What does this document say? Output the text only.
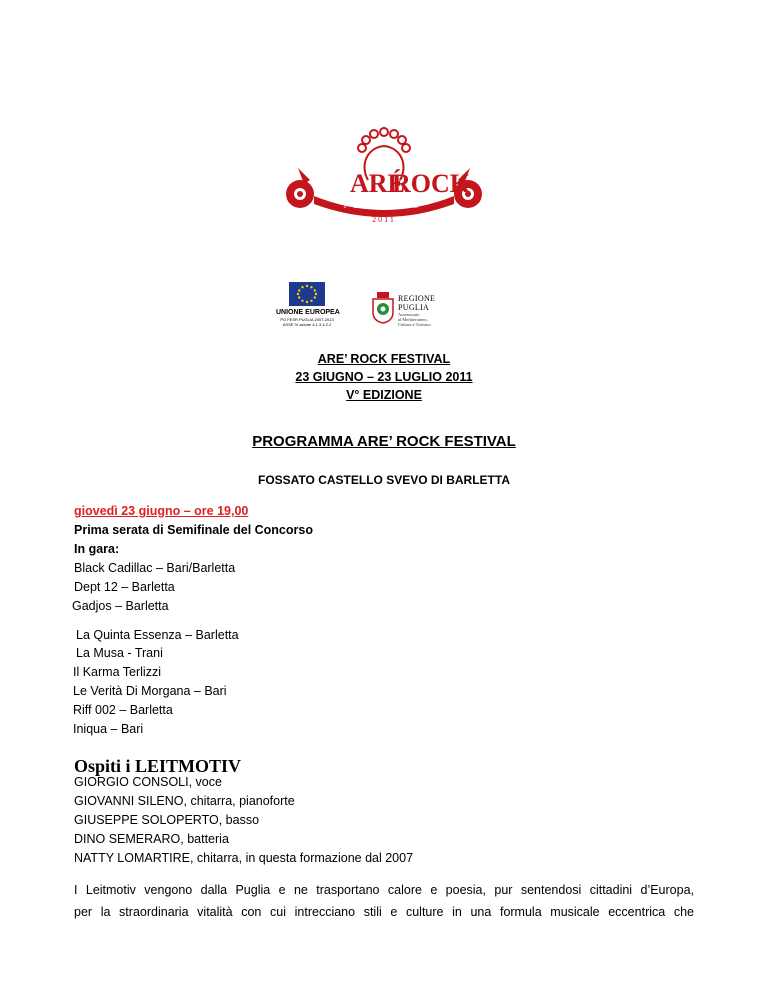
ARÉ
ROCK
FESTIVAL
2011
UNIONE EUROPEA
PO FESR PUGLIA 2007-2013
ASSE IV azione 4.1.3 4.2.2
REGIONE
PUGLIA
Assessorato
al Mediterraneo,
Cultura e Turismo
ARE’ ROCK FESTIVAL
23 GIUGNO – 23 LUGLIO 2011
V° EDIZIONE
PROGRAMMA ARE’ ROCK FESTIVAL
FOSSATO CASTELLO SVEVO DI BARLETTA
giovedì 23 giugno – ore 19,00
Prima serata di Semifinale del Concorso
In gara:
Black Cadillac – Bari/Barletta
Dept 12 – Barletta
Gadjos – Barletta
La Quinta Essenza – Barletta
La Musa - Trani
Il Karma Terlizzi
Le Verità Di Morgana – Bari
Riff 002 – Barletta
Iniqua – Bari
Ospiti i LEITMOTIV
GIORGIO CONSOLI, voce
GIOVANNI SILENO, chitarra, pianoforte
GIUSEPPE SOLOPERTO, basso
DINO SEMERARO, batteria
NATTY LOMARTIRE, chitarra, in questa formazione dal 2007
I Leitmotiv vengono dalla Puglia e ne trasportano calore e poesia, pur sentendosi cittadini d’Europa,
per la straordinaria vitalità con cui intrecciano stili e culture in una formula musicale eccentrica che
